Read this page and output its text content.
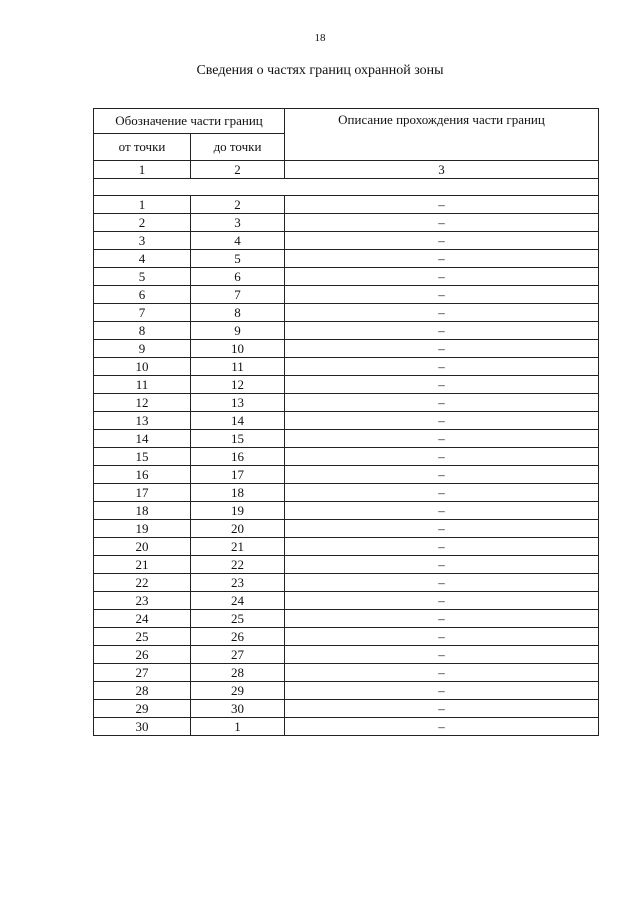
18
Сведения о частях границ охранной зоны
Обозначение части границ		Описание прохождения части границ
от точки	до точки	
1	2	3

1	2	–
2	3	–
3	4	–
4	5	–
5	6	–
6	7	–
7	8	–
8	9	–
9	10	–
10	11	–
11	12	–
12	13	–
13	14	–
14	15	–
15	16	–
16	17	–
17	18	–
18	19	–
19	20	–
20	21	–
21	22	–
22	23	–
23	24	–
24	25	–
25	26	–
26	27	–
27	28	–
28	29	–
29	30	–
30	1	–
